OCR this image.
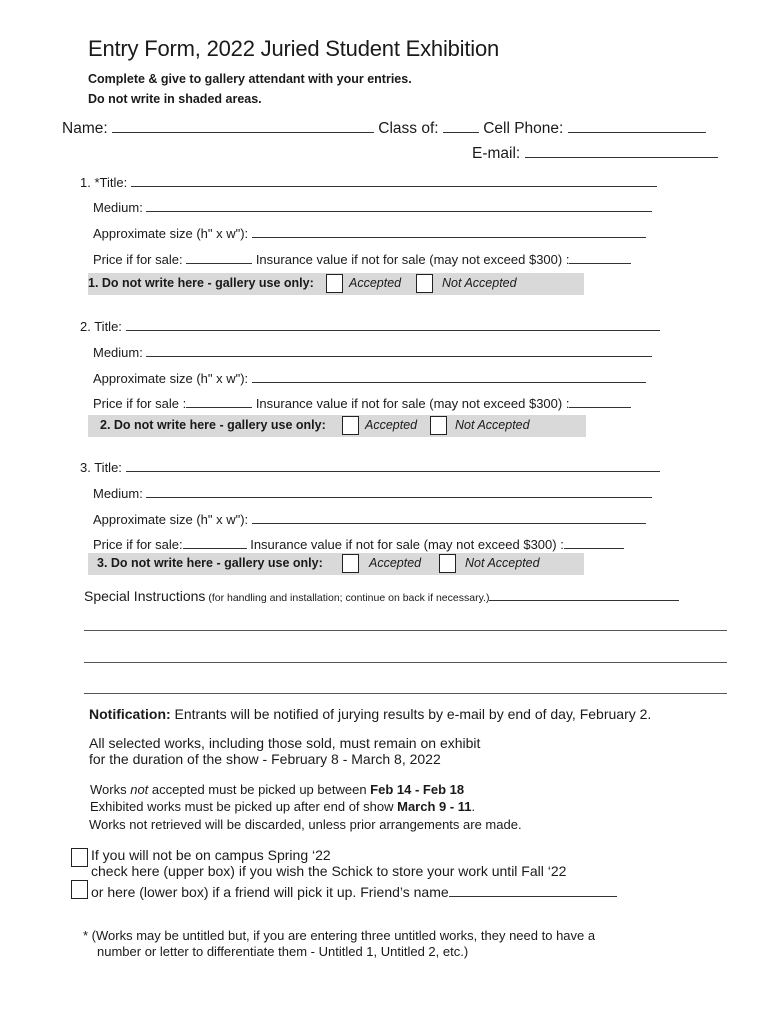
Entry Form, 2022 Juried Student Exhibition
Complete & give to gallery attendant with your entries.
Do not write in shaded areas.
Name:	Class of:	Cell Phone:
E-mail:
1. *Title:
Medium:
Approximate size (h" x w"):
Price if for sale:	Insurance value if not for sale (may not exceed $300) :
1. Do not write here - gallery use only:	Accepted	Not Accepted
2. Title:
Medium:
Approximate size (h" x w"):
Price if for sale :	Insurance value if not for sale (may not exceed $300) :
2. Do not write here - gallery use only:	Accepted	Not Accepted
3. Title:
Medium:
Approximate size (h" x w"):
Price if for sale:	Insurance value if not for sale (may not exceed $300) :
3. Do not write here - gallery use only:	Accepted	Not Accepted
Special Instructions (for handling and installation; continue on back if necessary.)
Notification: Entrants will be notified of jurying results by e-mail by end of day, February 2.
All selected works, including those sold, must remain on exhibit
for the duration of the show - February 8 - March 8, 2022
Works not accepted must be picked up between Feb 14 - Feb 18
Exhibited works must be picked up after end of show March 9 - 11.
Works not retrieved will be discarded, unless prior arrangements are made.
If you will not be on campus Spring ‘22
check here (upper box) if you wish the Schick to store your work until Fall ‘22
or here (lower box) if a friend will pick it up. Friend’s name
* (Works may be untitled but, if you are entering three untitled works, they need to have a
number or letter to differentiate them - Untitled 1, Untitled 2, etc.)
